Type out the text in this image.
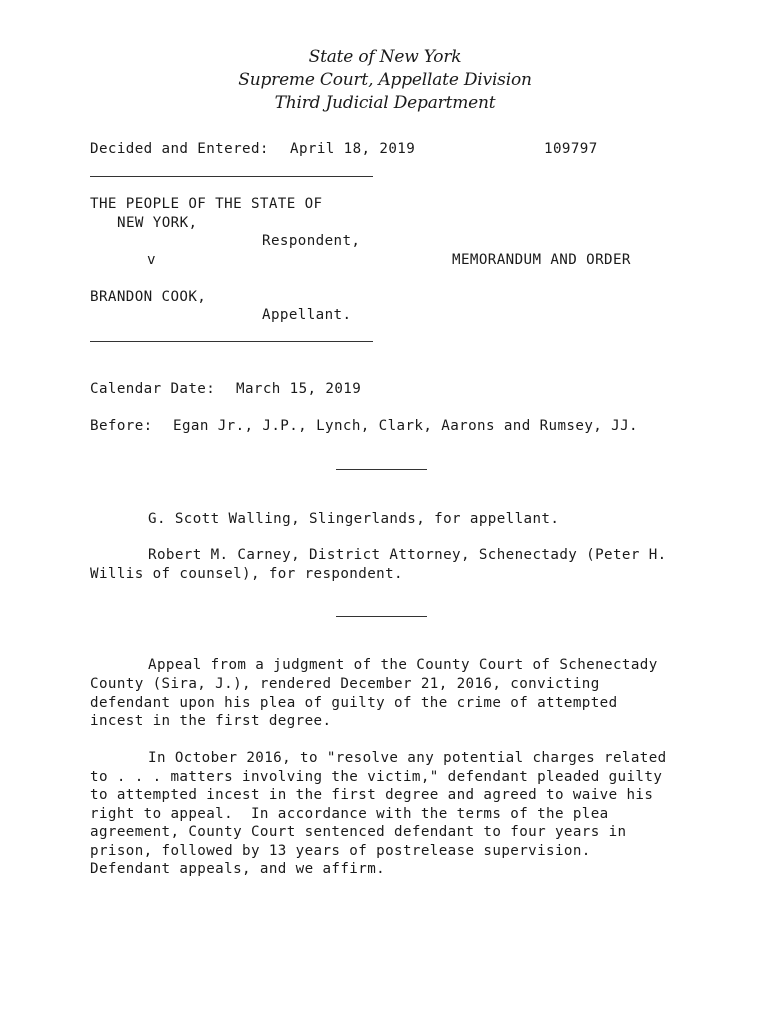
State of New York
Supreme Court, Appellate Division
Third Judicial Department
Decided and Entered: April 18, 2019	109797
THE PEOPLE OF THE STATE OF
NEW YORK,
Respondent,
v	MEMORANDUM AND ORDER
BRANDON COOK,
Appellant.
Calendar Date: March 15, 2019
Before: Egan Jr., J.P., Lynch, Clark, Aarons and Rumsey, JJ.
G. Scott Walling, Slingerlands, for appellant.
Robert M. Carney, District Attorney, Schenectady (Peter H.
Willis of counsel), for respondent.
Appeal from a judgment of the County Court of Schenectady
County (Sira, J.), rendered December 21, 2016, convicting
defendant upon his plea of guilty of the crime of attempted
incest in the first degree.
In October 2016, to "resolve any potential charges related
to . . . matters involving the victim," defendant pleaded guilty
to attempted incest in the first degree and agreed to waive his
right to appeal.  In accordance with the terms of the plea
agreement, County Court sentenced defendant to four years in
prison, followed by 13 years of postrelease supervision.
Defendant appeals, and we affirm.
